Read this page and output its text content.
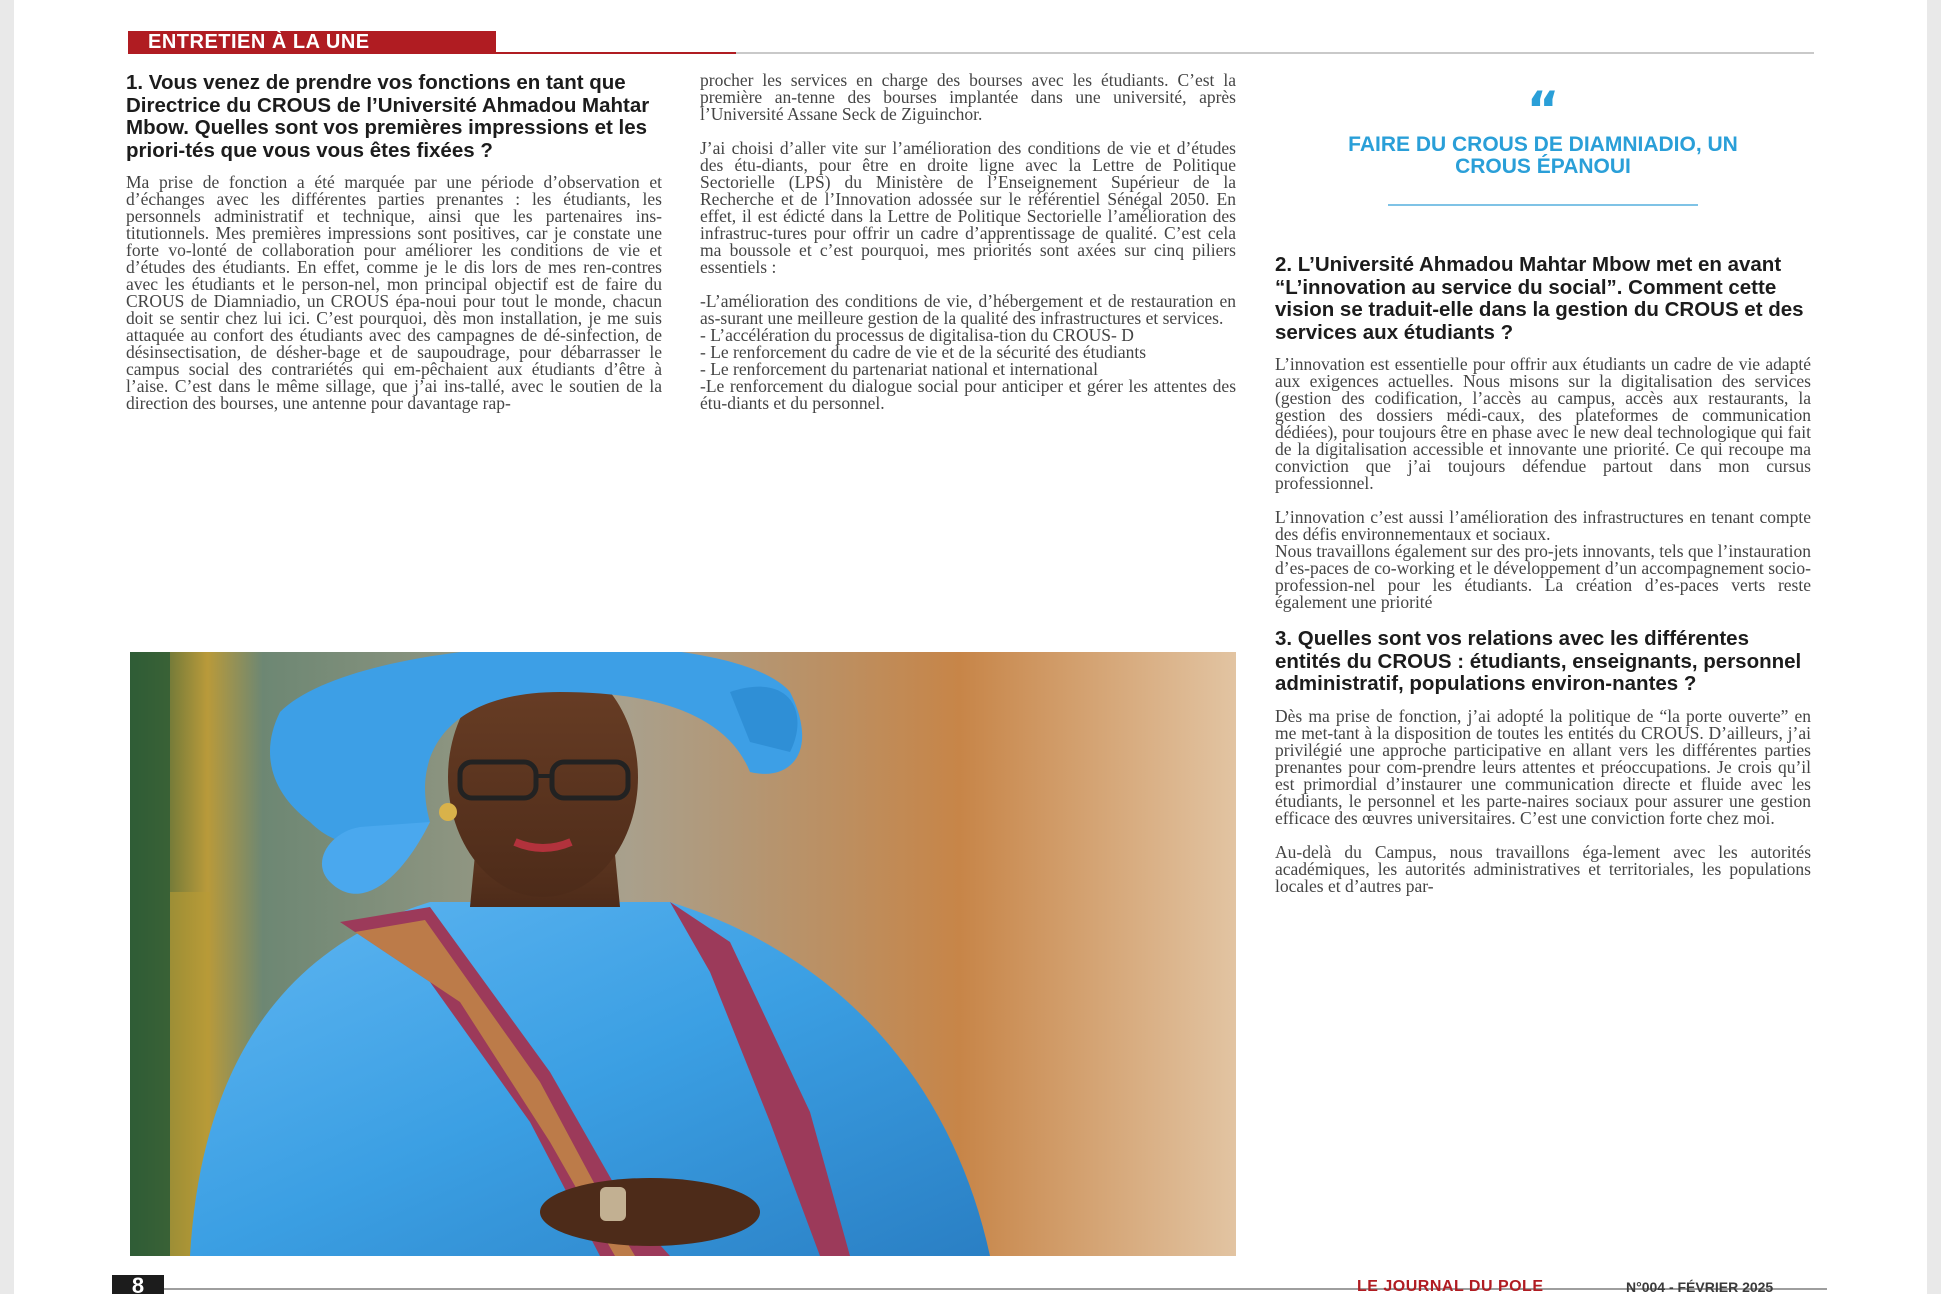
ENTRETIEN À LA UNE

1. Vous venez de prendre vos fonctions en tant que Directrice du CROUS de l’Université Ahmadou Mahtar Mbow. Quelles sont vos premières impressions et les priori-tés que vous vous êtes fixées ?

Ma prise de fonction a été marquée par une période d’observation et d’échanges avec les différentes parties prenantes : les étudiants, les personnels administratif et technique, ainsi que les partenaires ins-titutionnels. Mes premières impressions sont positives, car je constate une forte vo-lonté de collaboration pour améliorer les conditions de vie et d’études des étudiants. En effet, comme je le dis lors de mes ren-contres avec les étudiants et le person-nel, mon principal objectif est de faire du CROUS de Diamniadio, un CROUS épa-noui pour tout le monde, chacun doit se sentir chez lui ici. C’est pourquoi, dès mon installation, je me suis attaquée au confort des étudiants avec des campagnes de dé-sinfection, de désinsectisation, de désher-bage et de saupoudrage, pour débarrasser le campus social des contrariétés qui em-pêchaient aux étudiants d’être à l’aise. C’est dans le même sillage, que j’ai ins-tallé, avec le soutien de la direction des bourses, une antenne pour davantage rap-

procher les services en charge des bourses avec les étudiants. C’est la première an-tenne des bourses implantée dans une université, après l’Université Assane Seck de Ziguinchor.

J’ai choisi d’aller vite sur l’amélioration des conditions de vie et d’études des étu-diants, pour être en droite ligne avec la Lettre de Politique Sectorielle (LPS) du Ministère de l’Enseignement Supérieur de la Recherche et de l’Innovation adossée sur le référentiel Sénégal 2050. En effet, il est édicté dans la Lettre de Politique Sectorielle l’amélioration des infrastruc-tures pour offrir un cadre d’apprentissage de qualité. C’est cela ma boussole et c’est pourquoi, mes priorités sont axées sur cinq piliers essentiels :

-L’amélioration des conditions de vie, d’hébergement et de restauration en as-surant une meilleure gestion de la qualité des infrastructures et services.

- L’accélération du processus de digitalisa-tion du CROUS- D

- Le renforcement du cadre de vie et de la sécurité des étudiants

- Le renforcement du partenariat national et international

-Le renforcement du dialogue social pour anticiper et gérer les attentes des étu-diants et du personnel.

“
FAIRE DU CROUS DE DIAMNIADIO, UN CROUS ÉPANOUI

2. L’Université Ahmadou Mahtar Mbow met en avant “L’innovation au service du social”. Comment cette vision se traduit-elle dans la gestion du CROUS et des services aux étudiants ?

L’innovation est essentielle pour offrir aux étudiants un cadre de vie adapté aux exigences actuelles. Nous misons sur la digitalisation des services (gestion des codification, l’accès au campus, accès aux restaurants, la gestion des dossiers médi-caux, des plateformes de communication dédiées), pour toujours être en phase avec le new deal technologique qui fait de la digitalisation accessible et innovante une priorité. Ce qui recoupe ma conviction que j’ai toujours défendue partout dans mon cursus professionnel.

L’innovation c’est aussi l’amélioration des infrastructures en tenant compte des défis environnementaux et sociaux.

Nous travaillons également sur des pro-jets innovants, tels que l’instauration d’es-paces de co-working et le développement d’un accompagnement socio-profession-nel pour les étudiants. La création d’es-paces verts reste également une priorité

3. Quelles sont vos relations avec les différentes entités du CROUS : étudiants, enseignants, personnel administratif, populations environ-nantes ?

Dès ma prise de fonction, j’ai adopté la politique de “la porte ouverte” en me met-tant à la disposition de toutes les entités du CROUS. D’ailleurs, j’ai privilégié une approche participative en allant vers les différentes parties prenantes pour com-prendre leurs attentes et préoccupations. Je crois qu’il est primordial d’instaurer une communication directe et fluide avec les étudiants, le personnel et les parte-naires sociaux pour assurer une gestion efficace des œuvres universitaires. C’est une conviction forte chez moi.

Au-delà du Campus, nous travaillons éga-lement avec les autorités académiques, les autorités administratives et territoriales, les populations locales et d’autres par-

8	LE JOURNAL DU POLE	N°004 - FÉVRIER 2025
